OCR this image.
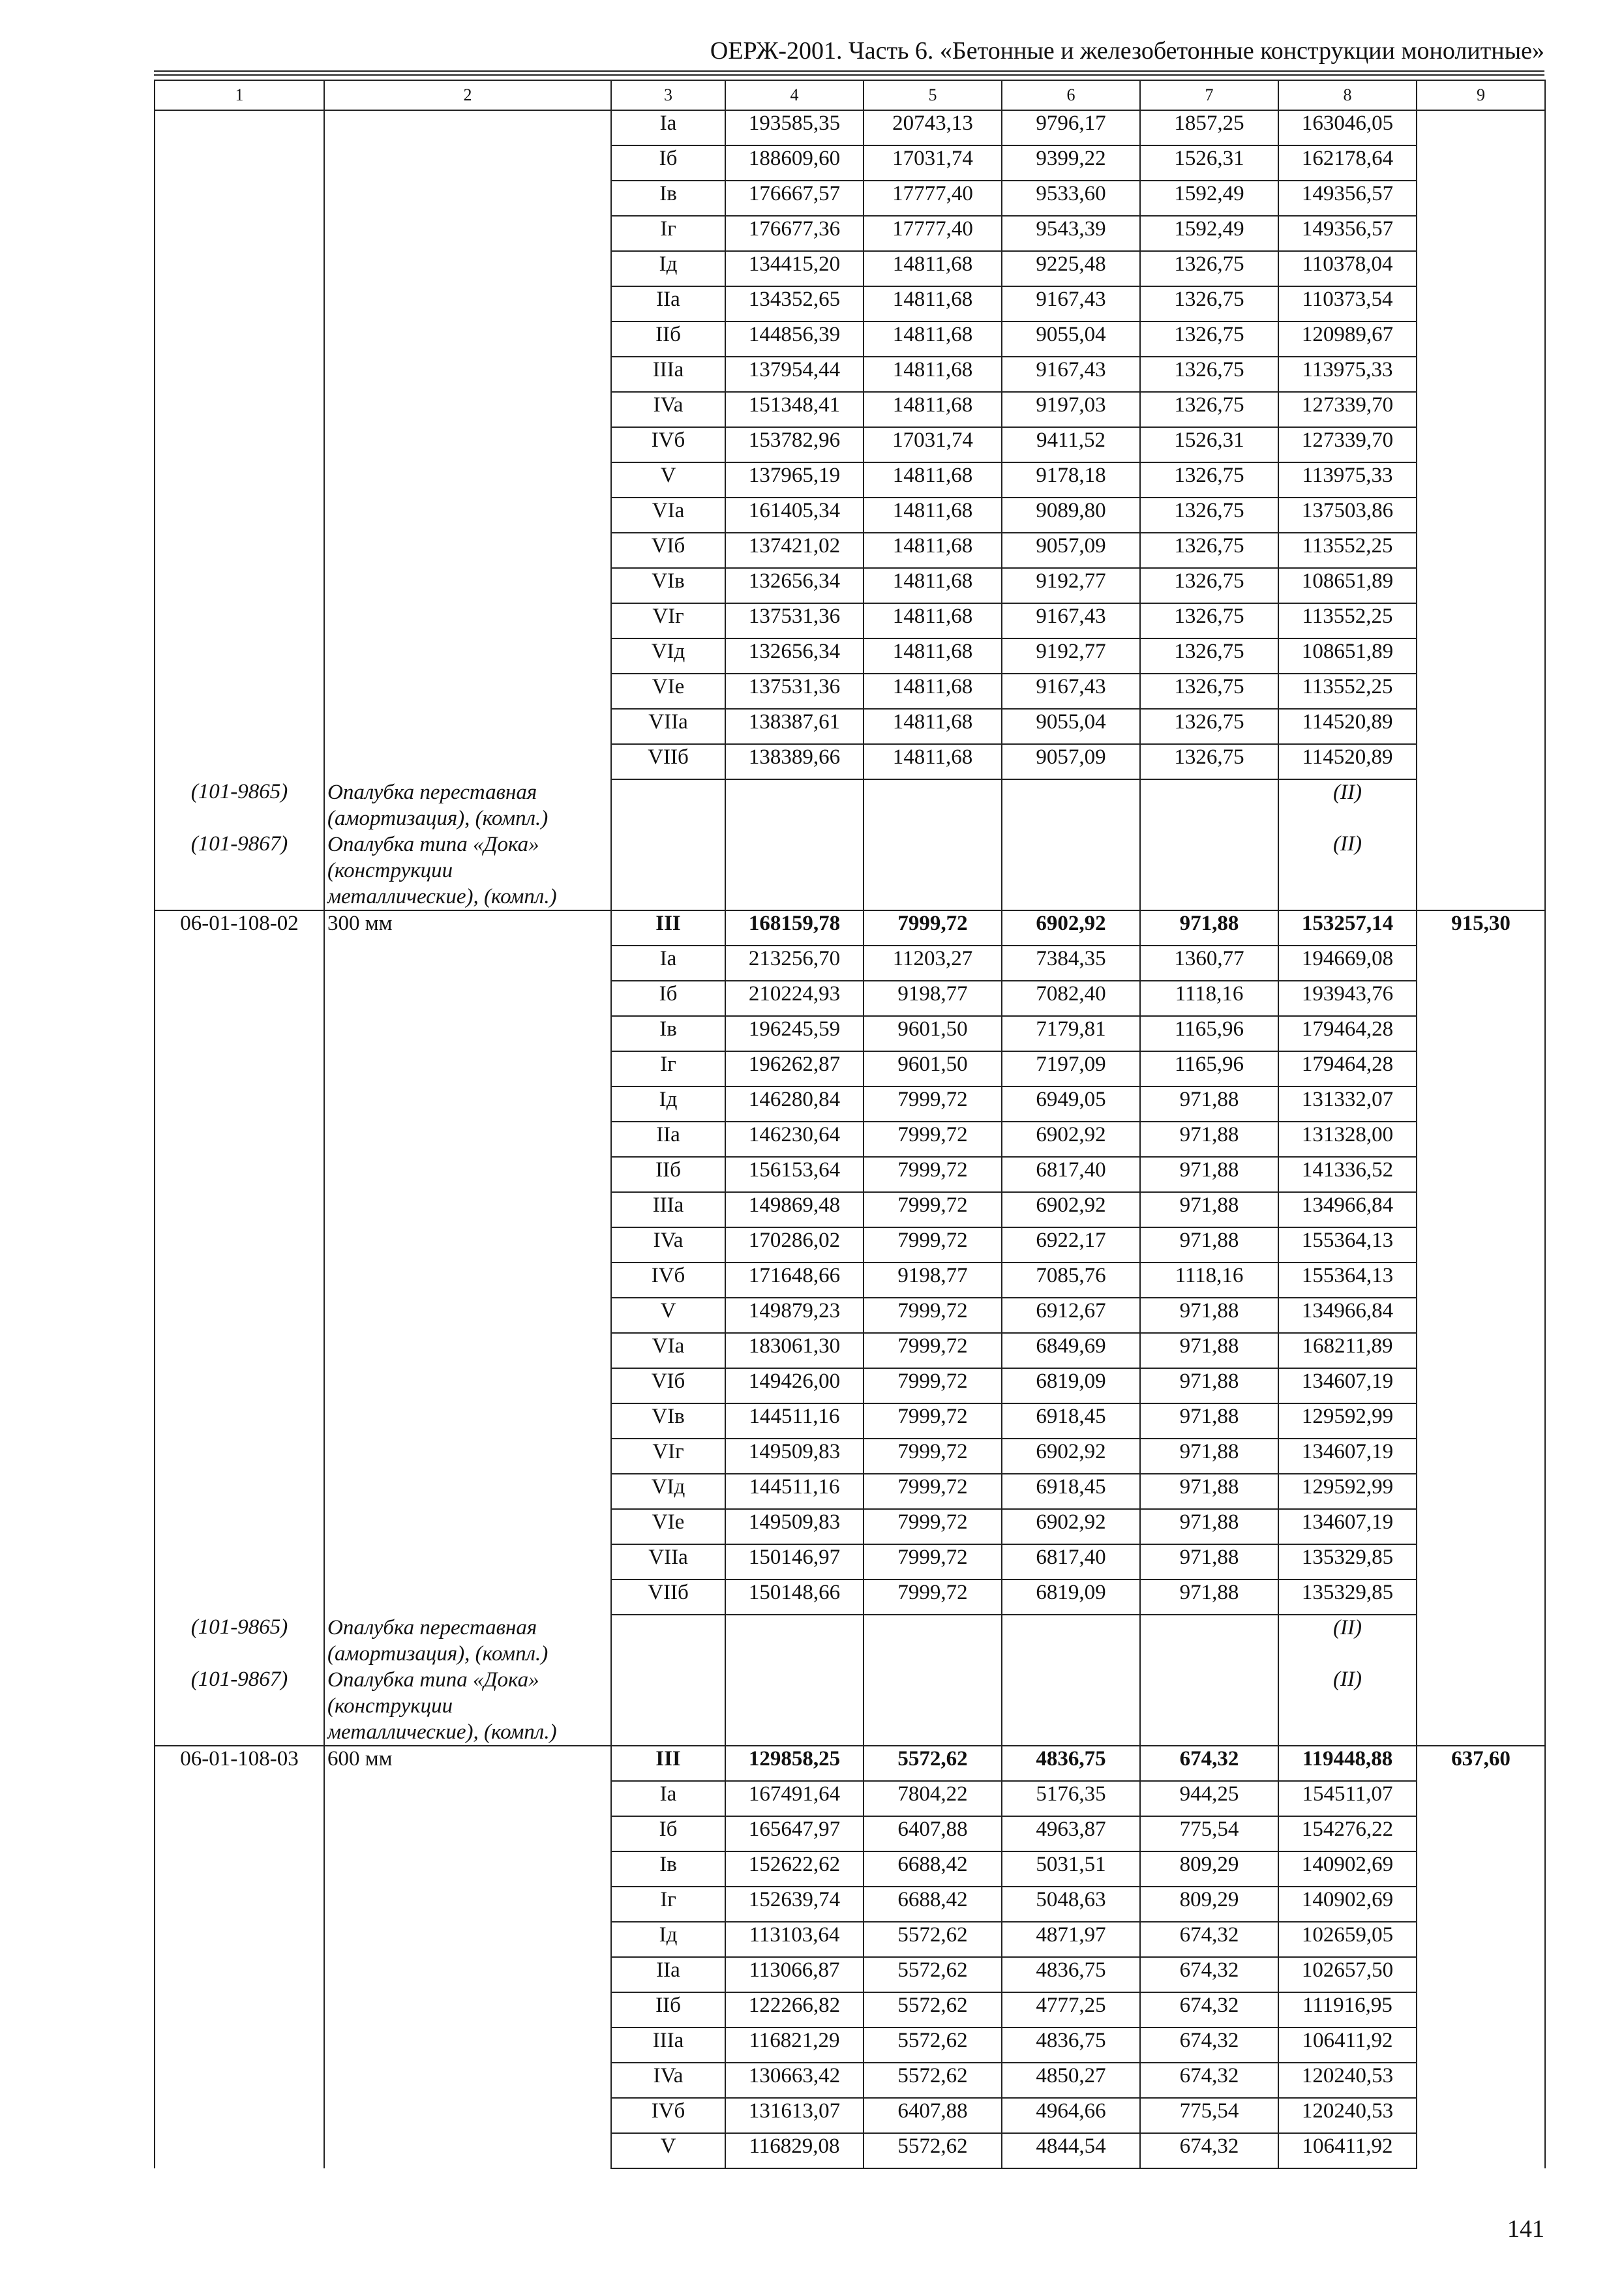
ОЕРЖ-2001. Часть 6. «Бетонные и железобетонные конструкции монолитные»
1	2	3	4	5	6	7	8	9
		Ia	193585,35	20743,13	9796,17	1857,25	163046,05	
		Iб	188609,60	17031,74	9399,22	1526,31	162178,64	
		Iв	176667,57	17777,40	9533,60	1592,49	149356,57	
		Iг	176677,36	17777,40	9543,39	1592,49	149356,57	
		Iд	134415,20	14811,68	9225,48	1326,75	110378,04	
		IIa	134352,65	14811,68	9167,43	1326,75	110373,54	
		IIб	144856,39	14811,68	9055,04	1326,75	120989,67	
		IIIa	137954,44	14811,68	9167,43	1326,75	113975,33	
		IVa	151348,41	14811,68	9197,03	1326,75	127339,70	
		IVб	153782,96	17031,74	9411,52	1526,31	127339,70	
		V	137965,19	14811,68	9178,18	1326,75	113975,33	
		VIa	161405,34	14811,68	9089,80	1326,75	137503,86	
		VIб	137421,02	14811,68	9057,09	1326,75	113552,25	
		VIв	132656,34	14811,68	9192,77	1326,75	108651,89	
		VIг	137531,36	14811,68	9167,43	1326,75	113552,25	
		VIд	132656,34	14811,68	9192,77	1326,75	108651,89	
		VIe	137531,36	14811,68	9167,43	1326,75	113552,25	
		VIIa	138387,61	14811,68	9055,04	1326,75	114520,89	
		VIIб	138389,66	14811,68	9057,09	1326,75	114520,89	
(101-9865)	Опалубка переставная (амортизация), (компл.)						(II)	
(101-9867)	Опалубка типа «Дока» (конструкции металлические), (компл.)						(II)	
06-01-108-02	300 мм	III	168159,78	7999,72	6902,92	971,88	153257,14	915,30
		Ia	213256,70	11203,27	7384,35	1360,77	194669,08	
		Iб	210224,93	9198,77	7082,40	1118,16	193943,76	
		Iв	196245,59	9601,50	7179,81	1165,96	179464,28	
		Iг	196262,87	9601,50	7197,09	1165,96	179464,28	
		Iд	146280,84	7999,72	6949,05	971,88	131332,07	
		IIa	146230,64	7999,72	6902,92	971,88	131328,00	
		IIб	156153,64	7999,72	6817,40	971,88	141336,52	
		IIIa	149869,48	7999,72	6902,92	971,88	134966,84	
		IVa	170286,02	7999,72	6922,17	971,88	155364,13	
		IVб	171648,66	9198,77	7085,76	1118,16	155364,13	
		V	149879,23	7999,72	6912,67	971,88	134966,84	
		VIa	183061,30	7999,72	6849,69	971,88	168211,89	
		VIб	149426,00	7999,72	6819,09	971,88	134607,19	
		VIв	144511,16	7999,72	6918,45	971,88	129592,99	
		VIг	149509,83	7999,72	6902,92	971,88	134607,19	
		VIд	144511,16	7999,72	6918,45	971,88	129592,99	
		VIe	149509,83	7999,72	6902,92	971,88	134607,19	
		VIIa	150146,97	7999,72	6817,40	971,88	135329,85	
		VIIб	150148,66	7999,72	6819,09	971,88	135329,85	
(101-9865)	Опалубка переставная (амортизация), (компл.)						(II)	
(101-9867)	Опалубка типа «Дока» (конструкции металлические), (компл.)						(II)	
06-01-108-03	600 мм	III	129858,25	5572,62	4836,75	674,32	119448,88	637,60
		Ia	167491,64	7804,22	5176,35	944,25	154511,07	
		Iб	165647,97	6407,88	4963,87	775,54	154276,22	
		Iв	152622,62	6688,42	5031,51	809,29	140902,69	
		Iг	152639,74	6688,42	5048,63	809,29	140902,69	
		Iд	113103,64	5572,62	4871,97	674,32	102659,05	
		IIa	113066,87	5572,62	4836,75	674,32	102657,50	
		IIб	122266,82	5572,62	4777,25	674,32	111916,95	
		IIIa	116821,29	5572,62	4836,75	674,32	106411,92	
		IVa	130663,42	5572,62	4850,27	674,32	120240,53	
		IVб	131613,07	6407,88	4964,66	775,54	120240,53	
		V	116829,08	5572,62	4844,54	674,32	106411,92	
141
